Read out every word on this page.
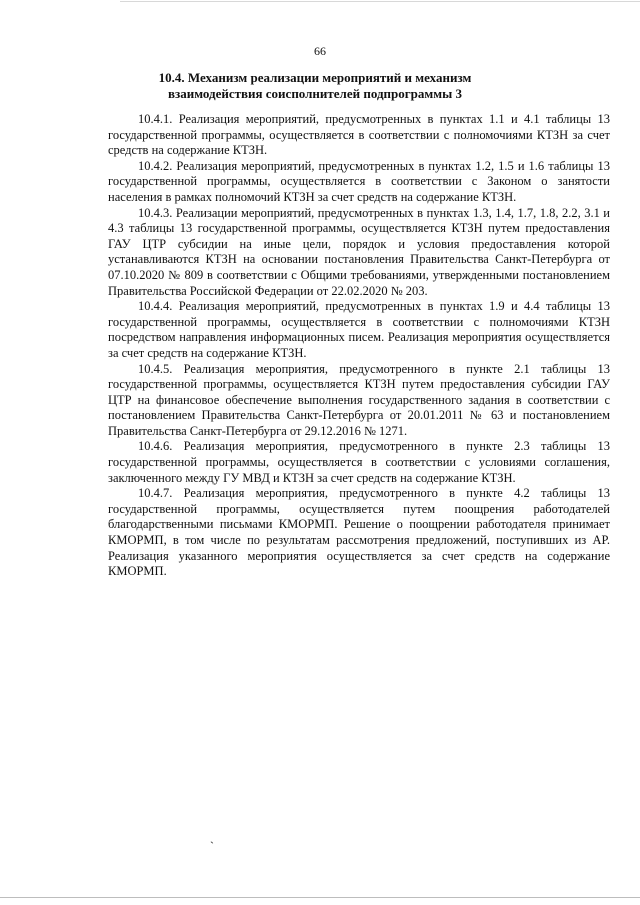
66
10.4. Механизм реализации мероприятий и механизм
взаимодействия соисполнителей подпрограммы 3

10.4.1. Реализация мероприятий, предусмотренных в пунктах 1.1 и 4.1 таблицы 13 государственной программы, осуществляется в соответствии с полномочиями КТЗН за счет средств на содержание КТЗН.

10.4.2. Реализация мероприятий, предусмотренных в пунктах 1.2, 1.5 и 1.6 таблицы 13 государственной программы, осуществляется в соответствии с Законом о занятости населения в рамках полномочий КТЗН за счет средств на содержание КТЗН.

10.4.3. Реализации мероприятий, предусмотренных в пунктах 1.3, 1.4, 1.7, 1.8, 2.2, 3.1 и 4.3 таблицы 13 государственной программы, осуществляется КТЗН путем предоставления ГАУ ЦТР субсидии на иные цели, порядок и условия предоставления которой устанавливаются КТЗН на основании постановления Правительства Санкт-Петербурга от 07.10.2020 № 809 в соответствии с Общими требованиями, утвержденными постановлением Правительства Российской Федерации от 22.02.2020 № 203.

10.4.4. Реализация мероприятий, предусмотренных в пунктах 1.9 и 4.4 таблицы 13 государственной программы, осуществляется в соответствии с полномочиями КТЗН посредством направления информационных писем. Реализация мероприятия осуществляется за счет средств на содержание КТЗН.

10.4.5. Реализация мероприятия, предусмотренного в пункте 2.1 таблицы 13 государственной программы, осуществляется КТЗН путем предоставления субсидии ГАУ ЦТР на финансовое обеспечение выполнения государственного задания в соответствии с постановлением Правительства Санкт-Петербурга от 20.01.2011 № 63 и постановлением Правительства Санкт-Петербурга от 29.12.2016 № 1271.

10.4.6. Реализация мероприятия, предусмотренного в пункте 2.3 таблицы 13 государственной программы, осуществляется в соответствии с условиями соглашения, заключенного между ГУ МВД и КТЗН за счет средств на содержание КТЗН.

10.4.7. Реализация мероприятия, предусмотренного в пункте 4.2 таблицы 13 государственной программы, осуществляется путем поощрения работодателей благодарственными письмами КМОРМП. Решение о поощрении работодателя принимает КМОРМП, в том числе по результатам рассмотрения предложений, поступивших из АР. Реализация указанного мероприятия осуществляется за счет средств на содержание КМОРМП.

ˎ
